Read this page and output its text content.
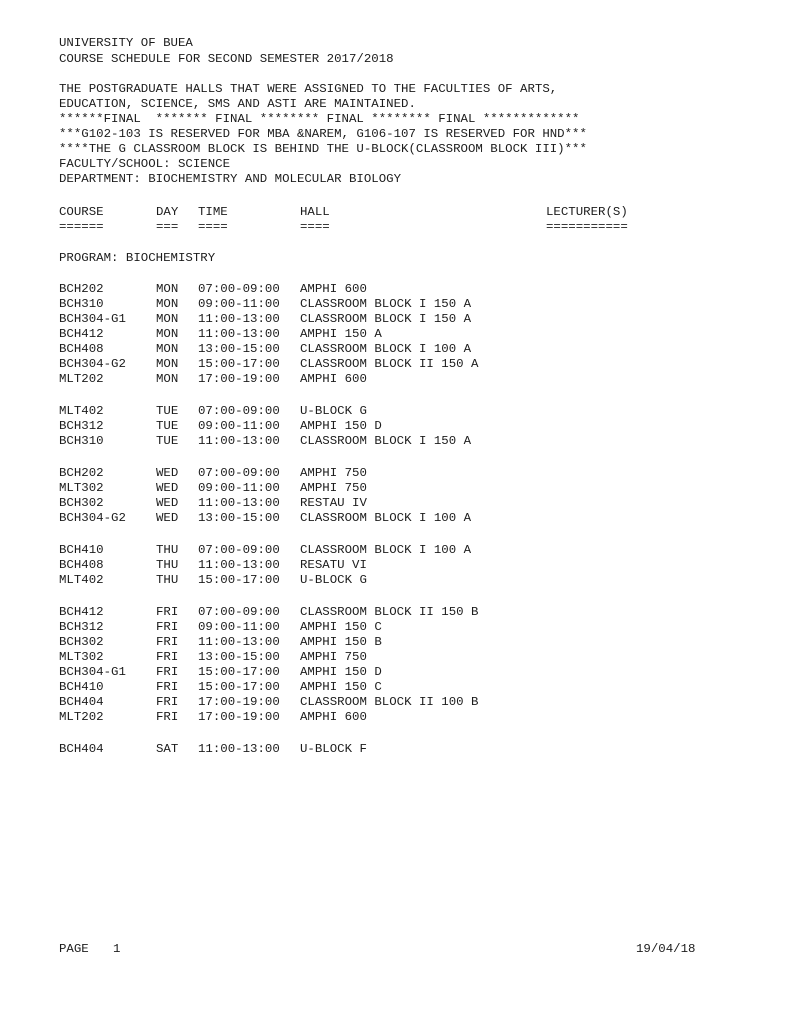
UNIVERSITY OF BUEA
COURSE SCHEDULE FOR SECOND SEMESTER 2017/2018
THE POSTGRADUATE HALLS THAT WERE ASSIGNED TO THE FACULTIES OF ARTS,
EDUCATION, SCIENCE, SMS AND ASTI ARE MAINTAINED.
******FINAL  ******* FINAL ******** FINAL ******** FINAL *************
***G102-103 IS RESERVED FOR MBA &NAREM, G106-107 IS RESERVED FOR HND***
****THE G CLASSROOM BLOCK IS BEHIND THE U-BLOCK(CLASSROOM BLOCK III)***
FACULTY/SCHOOL: SCIENCE
DEPARTMENT: BIOCHEMISTRY AND MOLECULAR BIOLOGY
COURSE	DAY TIME	HALL	LECTURER(S)
======	=== ====	====	===========
PROGRAM: BIOCHEMISTRY
BCH202	MON 07:00-09:00 AMPHI 600
BCH310	MON 09:00-11:00 CLASSROOM BLOCK I 150 A
BCH304-G1 MON 11:00-13:00 CLASSROOM BLOCK I 150 A
BCH412	MON 11:00-13:00 AMPHI 150 A
BCH408	MON 13:00-15:00 CLASSROOM BLOCK I 100 A
BCH304-G2 MON 15:00-17:00 CLASSROOM BLOCK II 150 A
MLT202	MON 17:00-19:00 AMPHI 600
MLT402	TUE 07:00-09:00 U-BLOCK G
BCH312	TUE 09:00-11:00 AMPHI 150 D
BCH310	TUE 11:00-13:00 CLASSROOM BLOCK I 150 A
BCH202	WED 07:00-09:00 AMPHI 750
MLT302	WED 09:00-11:00 AMPHI 750
BCH302	WED 11:00-13:00 RESTAU IV
BCH304-G2 WED 13:00-15:00 CLASSROOM BLOCK I 100 A
BCH410	THU 07:00-09:00 CLASSROOM BLOCK I 100 A
BCH408	THU 11:00-13:00 RESATU VI
MLT402	THU 15:00-17:00 U-BLOCK G
BCH412	FRI 07:00-09:00 CLASSROOM BLOCK II 150 B
BCH312	FRI 09:00-11:00 AMPHI 150 C
BCH302	FRI 11:00-13:00 AMPHI 150 B
MLT302	FRI 13:00-15:00 AMPHI 750
BCH304-G1 FRI 15:00-17:00 AMPHI 150 D
BCH410	FRI 15:00-17:00 AMPHI 150 C
BCH404	FRI 17:00-19:00 CLASSROOM BLOCK II 100 B
MLT202	FRI 17:00-19:00 AMPHI 600
BCH404	SAT 11:00-13:00 U-BLOCK F
PAGE 1	19/04/18
